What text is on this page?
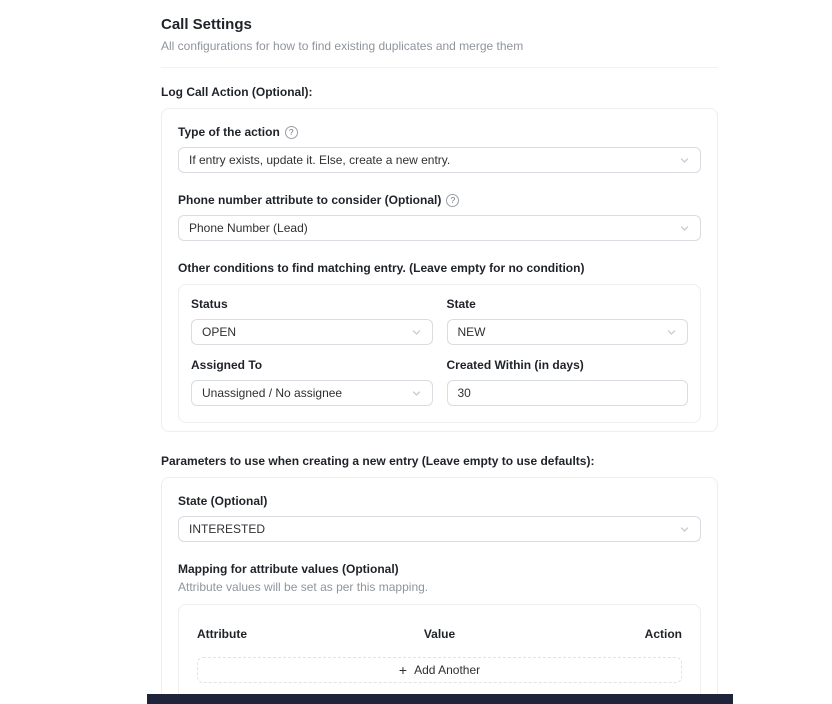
Call Settings
All configurations for how to find existing duplicates and merge them
Log Call Action (Optional):
Type of the action	?
If entry exists, update it. Else, create a new entry.
Phone number attribute to consider (Optional)	?
Phone Number (Lead)
Other conditions to find matching entry. (Leave empty for no condition)
Status
OPEN
State
NEW
Assigned To
Unassigned / No assignee
Created Within (in days)
30
Parameters to use when creating a new entry (Leave empty to use defaults):
State (Optional)
INTERESTED
Mapping for attribute values (Optional)
Attribute values will be set as per this mapping.
Attribute	Value	Action
+ Add Another
